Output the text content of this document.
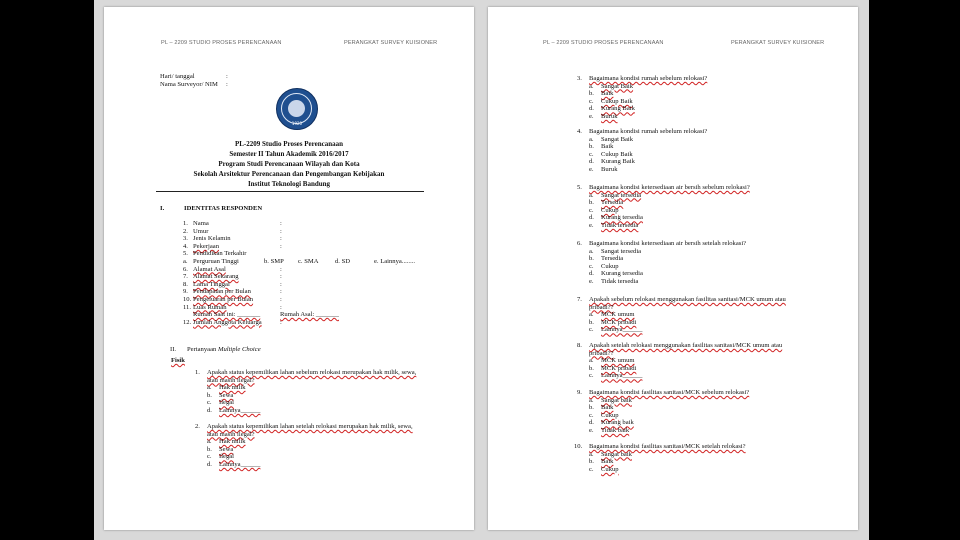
PL – 2209 STUDIO PROSES PERENCANAAN	PERANGKAT SURVEY KUISIONER
Hari/ tanggal	:
Nama Surveyor/ NIM :
1920
PL-2209 Studio Proses Perencanaan
Semester II Tahun Akademik 2016/2017
Program Studi Perencanaan Wilayah dan Kota
Sekolah Arsitektur Perencanaan dan Pengembangan Kebijakan
Institut Teknologi Bandung
I.	IDENTITAS RESPONDEN
1. Nama	:
2. Umur	:
3. Jenis Kelamin	:
4. Pekerjaan	:
5. Pendidikan Terkahir
a. Perguruan Tinggi	b. SMP	c. SMA	d. SD	e. Lainnya........
6. Alamat Asal	:
7. Alamat Sekarang	:
8. Lama Tinggal	:
9. Pendapatan per Bulan	:
10. Pengeluaran per Bulan	:
11. Luas Rumah	:
Rumah Saat ini: _______	Rumah Asal: _______
12. Jumlah Anggota Keluarga	:
II. Pertanyaan Multiple Choice
Fisik
1.	Apakah status kepemilikan lahan sebelum relokasi merupakan hak milik, sewa,
atau masih ilegal?
a.	Hak milik
b.	Sewa
c.	Ilegal
d.	Lainnya______
2.	Apakah status kepemilikan lahan setelah relokasi merupakan hak milik, sewa,
atau masih ilegal?
a.	Hak milik
b.	Sewa
c.	Ilegal
d.	Lainnya______
PL – 2209 STUDIO PROSES PERENCANAAN	PERANGKAT SURVEY KUISIONER
3.	Bagaimana kondisi rumah sebelum relokasi?
a.	Sangat Baik
b.	Baik
c.	Cukup Baik
d.	Kurang Baik
e.	Buruk
4.	Bagaimana kondisi rumah sebelum relokasi?
a.	Sangat Baik
b.	Baik
c.	Cukup Baik
d.	Kurang Baik
e.	Buruk
5.	Bagaimana kondisi ketersediaan air bersih sebelum relokasi?
a.	Sangat tersedia
b.	Tersedia
c.	Cukup
d.	Kurang tersedia
e.	Tidak tersedia
6.	Bagaimana kondisi ketersediaan air bersih setelah relokasi?
a.	Sangat tersedia
b.	Tersedia
c.	Cukup
d.	Kurang tersedia
e.	Tidak tersedia
7.	Apakah sebelum relokasi menggunakan fasilitas sanitasi/MCK umum atau
pribadi??
a.	MCK umum
b.	MCK pribadi
c.	Lainnya______
8.	Apakah setelah relokasi menggunakan fasilitas sanitasi/MCK umum atau
pribadi??
a.	MCK umum
b.	MCK pribadi
c.	Lainnya______
9.	Bagaimana kondisi fasilitas sanitasi/MCK sebelum relokasi?
a.	Sangat baik
b.	Baik
c.	Cukup
d.	Kurang baik
e.	Tidak baik
10.	Bagaimana kondisi fasilitas sanitasi/MCK setelah relokasi?
a.	Sangat baik
b.	Baik
c.	Cukup
